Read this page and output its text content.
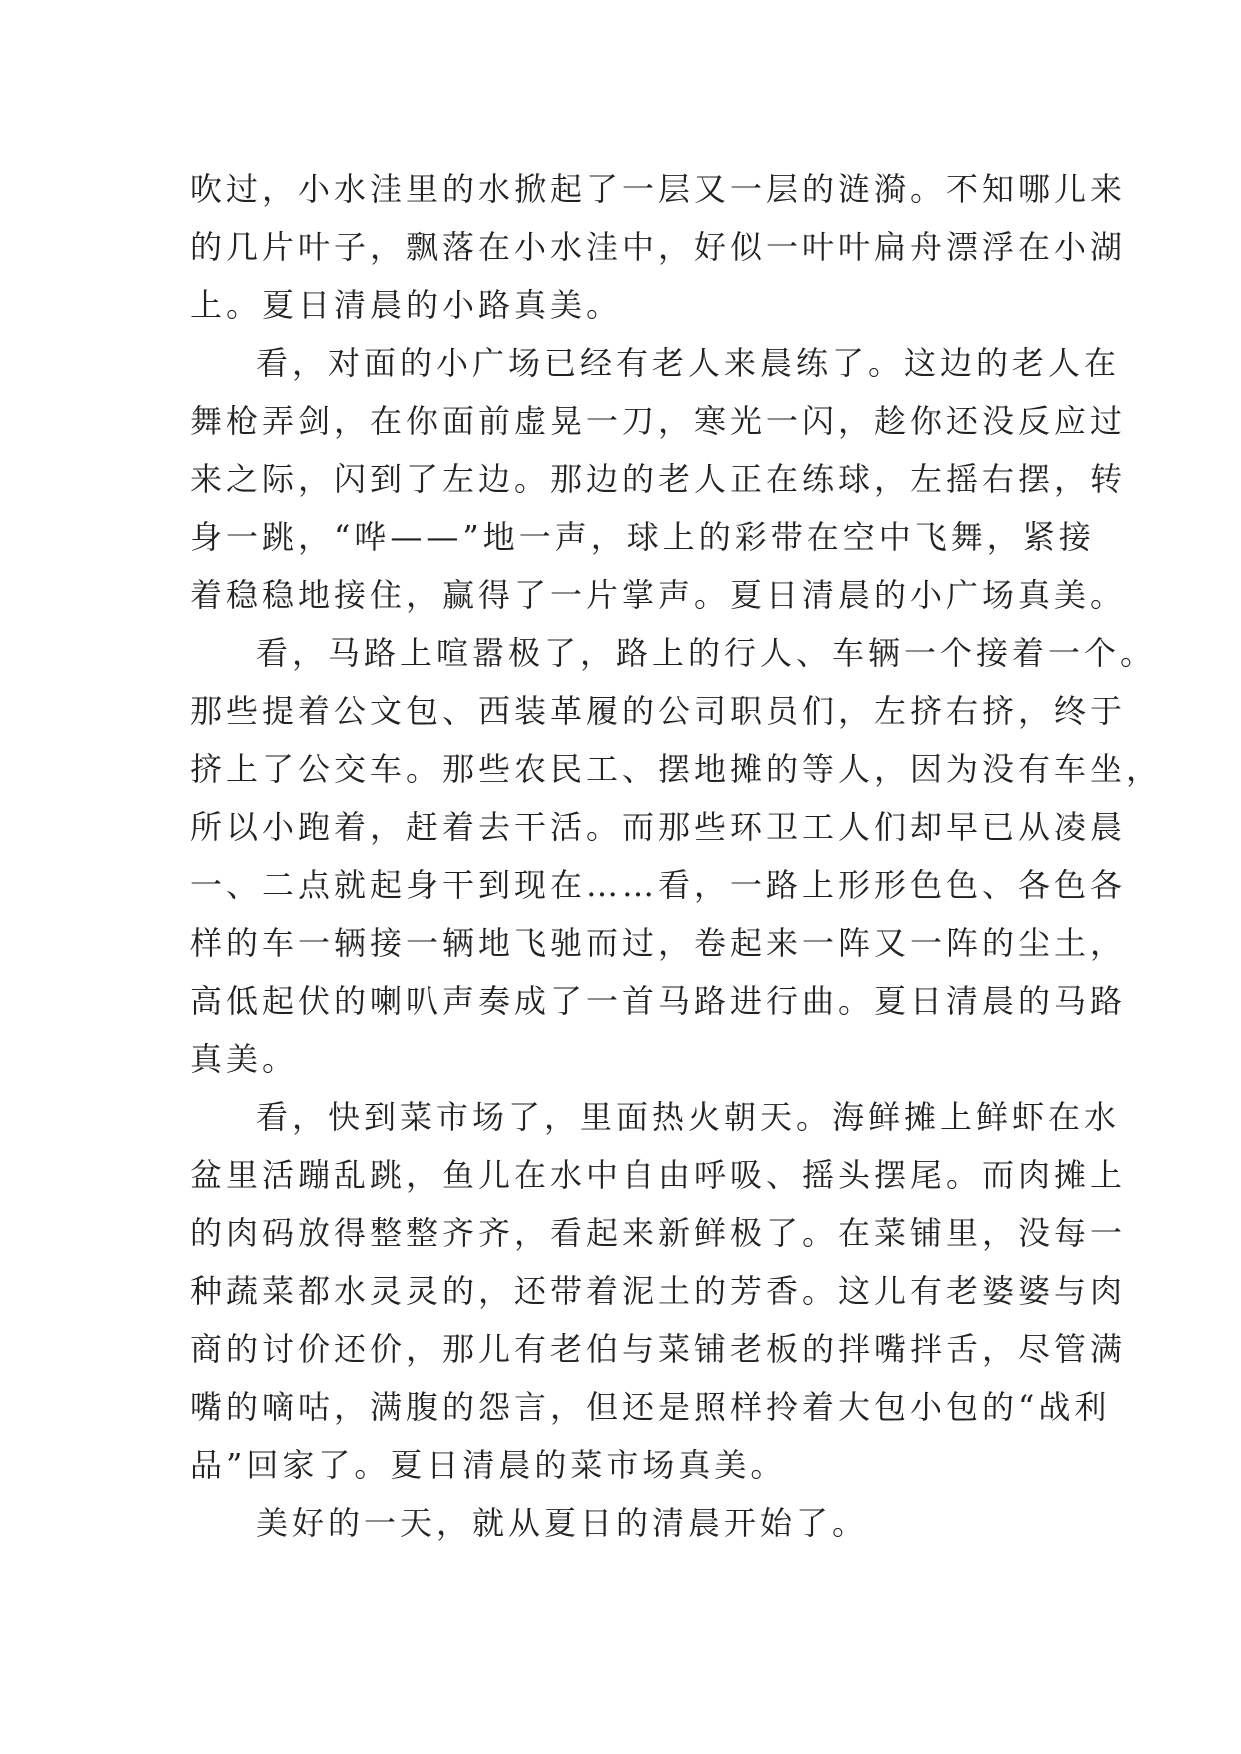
吹过，小水洼里的水掀起了一层又一层的涟漪。不知哪儿来
的几片叶子，飘落在小水洼中，好似一叶叶扁舟漂浮在小湖
上。夏日清晨的小路真美。

看，对面的小广场已经有老人来晨练了。这边的老人在
舞枪弄剑，在你面前虚晃一刀，寒光一闪，趁你还没反应过
来之际，闪到了左边。那边的老人正在练球，左摇右摆，转
身一跳，“哗——”地一声，球上的彩带在空中飞舞，紧接
着稳稳地接住，赢得了一片掌声。夏日清晨的小广场真美。

看，马路上喧嚣极了，路上的行人、车辆一个接着一个。
那些提着公文包、西装革履的公司职员们，左挤右挤，终于
挤上了公交车。那些农民工、摆地摊的等人，因为没有车坐，
所以小跑着，赶着去干活。而那些环卫工人们却早已从凌晨
一、二点就起身干到现在……看，一路上形形色色、各色各
样的车一辆接一辆地飞驰而过，卷起来一阵又一阵的尘土，
高低起伏的喇叭声奏成了一首马路进行曲。夏日清晨的马路
真美。

看，快到菜市场了，里面热火朝天。海鲜摊上鲜虾在水
盆里活蹦乱跳，鱼儿在水中自由呼吸、摇头摆尾。而肉摊上
的肉码放得整整齐齐，看起来新鲜极了。在菜铺里，没每一
种蔬菜都水灵灵的，还带着泥土的芳香。这儿有老婆婆与肉
商的讨价还价，那儿有老伯与菜铺老板的拌嘴拌舌，尽管满
嘴的嘀咕，满腹的怨言，但还是照样拎着大包小包的“战利
品”回家了。夏日清晨的菜市场真美。

美好的一天，就从夏日的清晨开始了。
